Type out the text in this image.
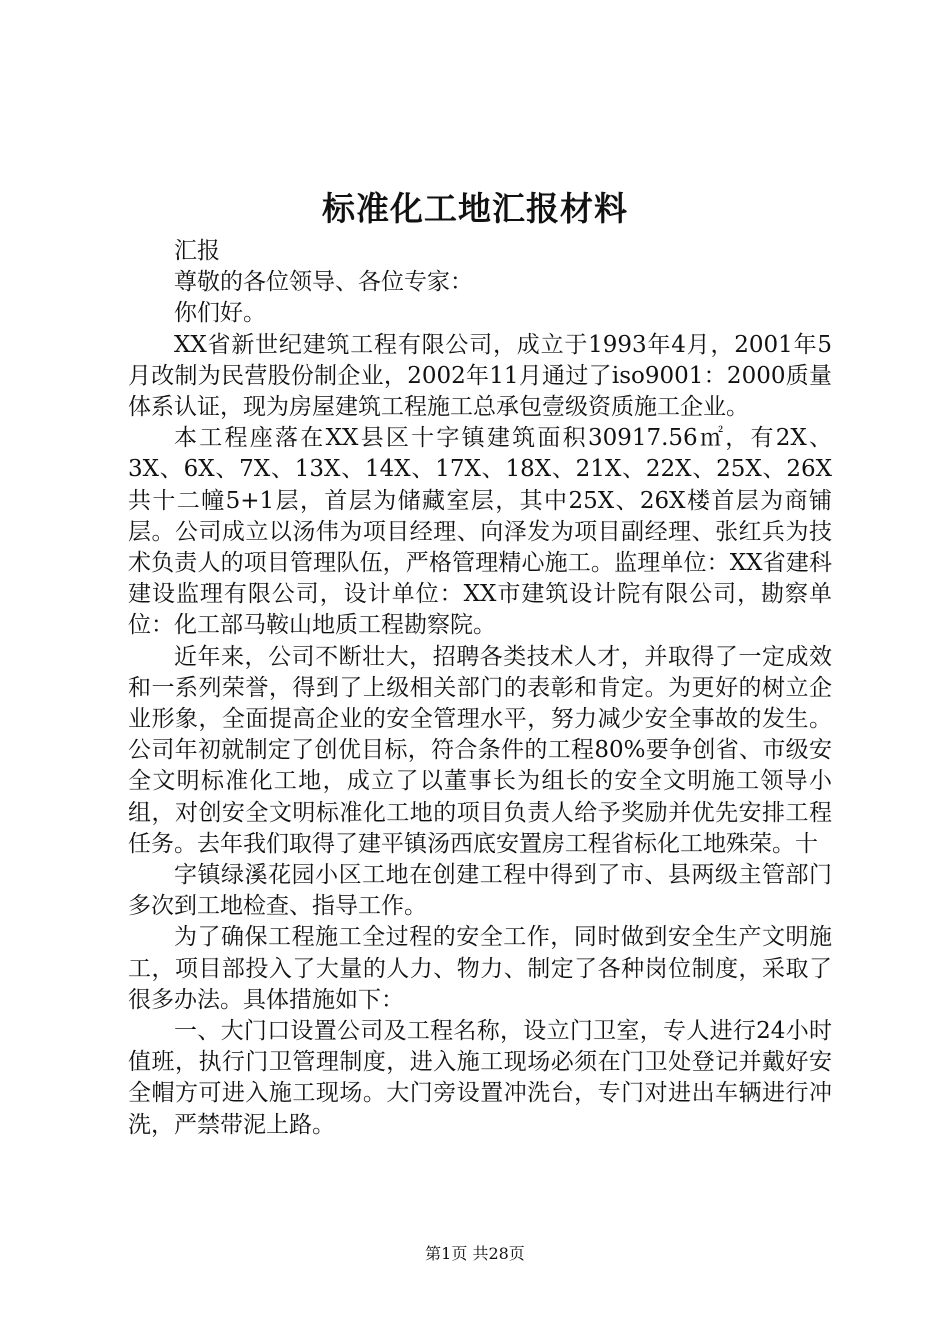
标准化工地汇报材料

汇报

尊敬的各位领导、各位专家：

你们好。

XX省新世纪建筑工程有限公司，成立于1993年4月，2001年5月改制为民营股份制企业，2002年11月通过了iso9001：2000质量体系认证，现为房屋建筑工程施工总承包壹级资质施工企业。

本工程座落在XX县区十字镇建筑面积30917.56㎡，有2X、3X、6X、7X、13X、14X、17X、18X、21X、22X、25X、26X共十二幢5+1层，首层为储藏室层，其中25X、26X楼首层为商铺层。公司成立以汤伟为项目经理、向泽发为项目副经理、张红兵为技术负责人的项目管理队伍，严格管理精心施工。监理单位：XX省建科建设监理有限公司，设计单位：XX市建筑设计院有限公司，勘察单位：化工部马鞍山地质工程勘察院。

近年来，公司不断壮大，招聘各类技术人才，并取得了一定成效和一系列荣誉，得到了上级相关部门的表彰和肯定。为更好的树立企业形象，全面提高企业的安全管理水平，努力减少安全事故的发生。公司年初就制定了创优目标，符合条件的工程80%要争创省、市级安全文明标准化工地，成立了以董事长为组长的安全文明施工领导小组，对创安全文明标准化工地的项目负责人给予奖励并优先安排工程任务。去年我们取得了建平镇汤西底安置房工程省标化工地殊荣。十

字镇绿溪花园小区工地在创建工程中得到了市、县两级主管部门多次到工地检查、指导工作。

为了确保工程施工全过程的安全工作，同时做到安全生产文明施工，项目部投入了大量的人力、物力、制定了各种岗位制度，采取了很多办法。具体措施如下：

一、大门口设置公司及工程名称，设立门卫室，专人进行24小时值班，执行门卫管理制度，进入施工现场必须在门卫处登记并戴好安全帽方可进入施工现场。大门旁设置冲洗台，专门对进出车辆进行冲洗，严禁带泥上路。

第1页 共28页
